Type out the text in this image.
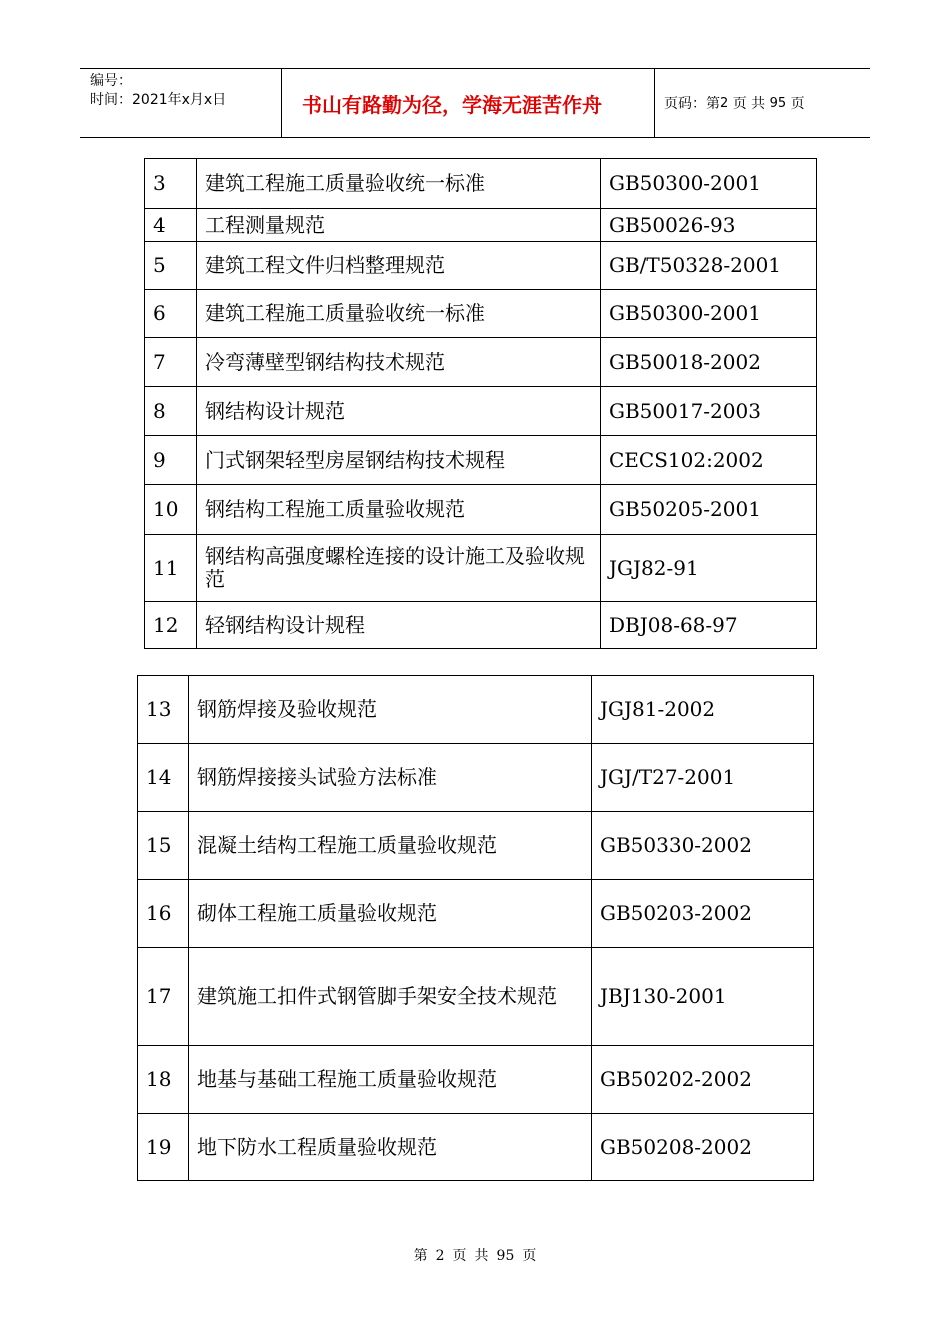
编号：
时间：2021年x月x日	书山有路勤为径，学海无涯苦作舟	页码：第 2
页 共
95
页
3	建筑工程施工质量验收统一标准	GB50300-2001
4	工程测量规范	GB50026-93
5	建筑工程文件归档整理规范	GB/T50328-2001
6	建筑工程施工质量验收统一标准	GB50300-2001
7	冷弯薄壁型钢结构技术规范	GB50018-2002
8	钢结构设计规范	GB50017-2003
9	门式钢架轻型房屋钢结构技术规程	CECS102:2002
10	钢结构工程施工质量验收规范	GB50205-2001
11	钢结构高强度螺栓连接的设计施工及验收规范	JGJ82-91
12	轻钢结构设计规程	DBJ08-68-97
13	钢筋焊接及验收规范	JGJ81-2002
14	钢筋焊接接头试验方法标准	JGJ/T27-2001
15	混凝土结构工程施工质量验收规范	GB50330-2002
16	砌体工程施工质量验收规范	GB50203-2002
17	建筑施工扣件式钢管脚手架安全技术规范	JBJ130-2001
18	地基与基础工程施工质量验收规范	GB50202-2002
19	地下防水工程质量验收规范	GB50208-2002
第 2 页 共 95 页
